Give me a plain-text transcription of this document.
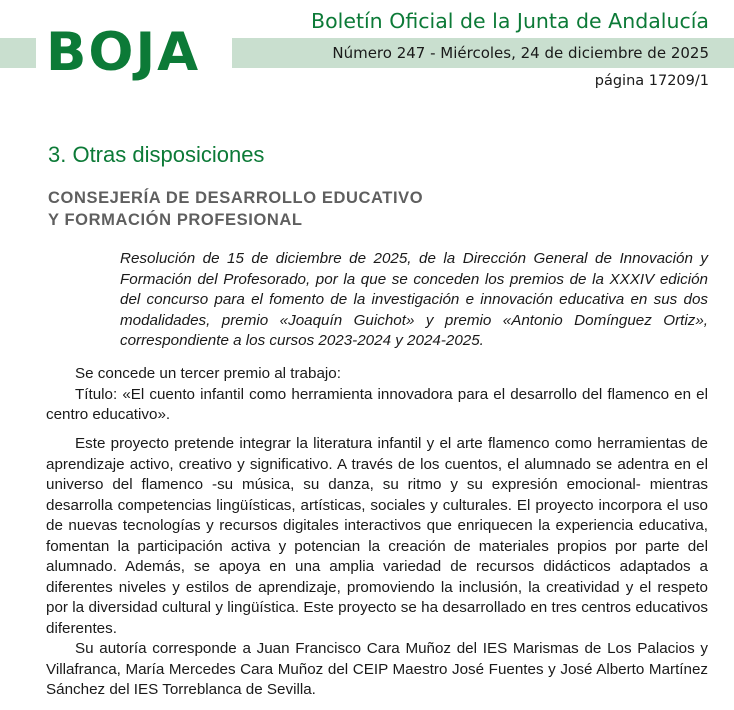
BOJA
Boletín Oficial de la Junta de Andalucía
Número 247 - Miércoles, 24 de diciembre de 2025
página 17209/1
3. Otras disposiciones
CONSEJERÍA DE DESARROLLO EDUCATIVO
Y FORMACIÓN PROFESIONAL
Resolución de 15 de diciembre de 2025, de la Dirección General de Innovación y Formación del Profesorado, por la que se conceden los premios de la XXXIV edición del concurso para el fomento de la investigación e innovación educativa en sus dos modalidades, premio «Joaquín Guichot» y premio «Antonio Domínguez Ortiz», correspondiente a los cursos 2023-2024 y 2024-2025.
Se concede un tercer premio al trabajo:
Título: «El cuento infantil como herramienta innovadora para el desarrollo del flamenco en el centro educativo».
Este proyecto pretende integrar la literatura infantil y el arte flamenco como herramientas de aprendizaje activo, creativo y significativo. A través de los cuentos, el alumnado se adentra en el universo del flamenco -su música, su danza, su ritmo y su expresión emocional- mientras desarrolla competencias lingüísticas, artísticas, sociales y culturales. El proyecto incorpora el uso de nuevas tecnologías y recursos digitales interactivos que enriquecen la experiencia educativa, fomentan la participación activa y potencian la creación de materiales propios por parte del alumnado. Además, se apoya en una amplia variedad de recursos didácticos adaptados a diferentes niveles y estilos de aprendizaje, promoviendo la inclusión, la creatividad y el respeto por la diversidad cultural y lingüística. Este proyecto se ha desarrollado en tres centros educativos diferentes.
Su autoría corresponde a Juan Francisco Cara Muñoz del IES Marismas de Los Palacios y Villafranca, María Mercedes Cara Muñoz del CEIP Maestro José Fuentes y José Alberto Martínez Sánchez del IES Torreblanca de Sevilla.
